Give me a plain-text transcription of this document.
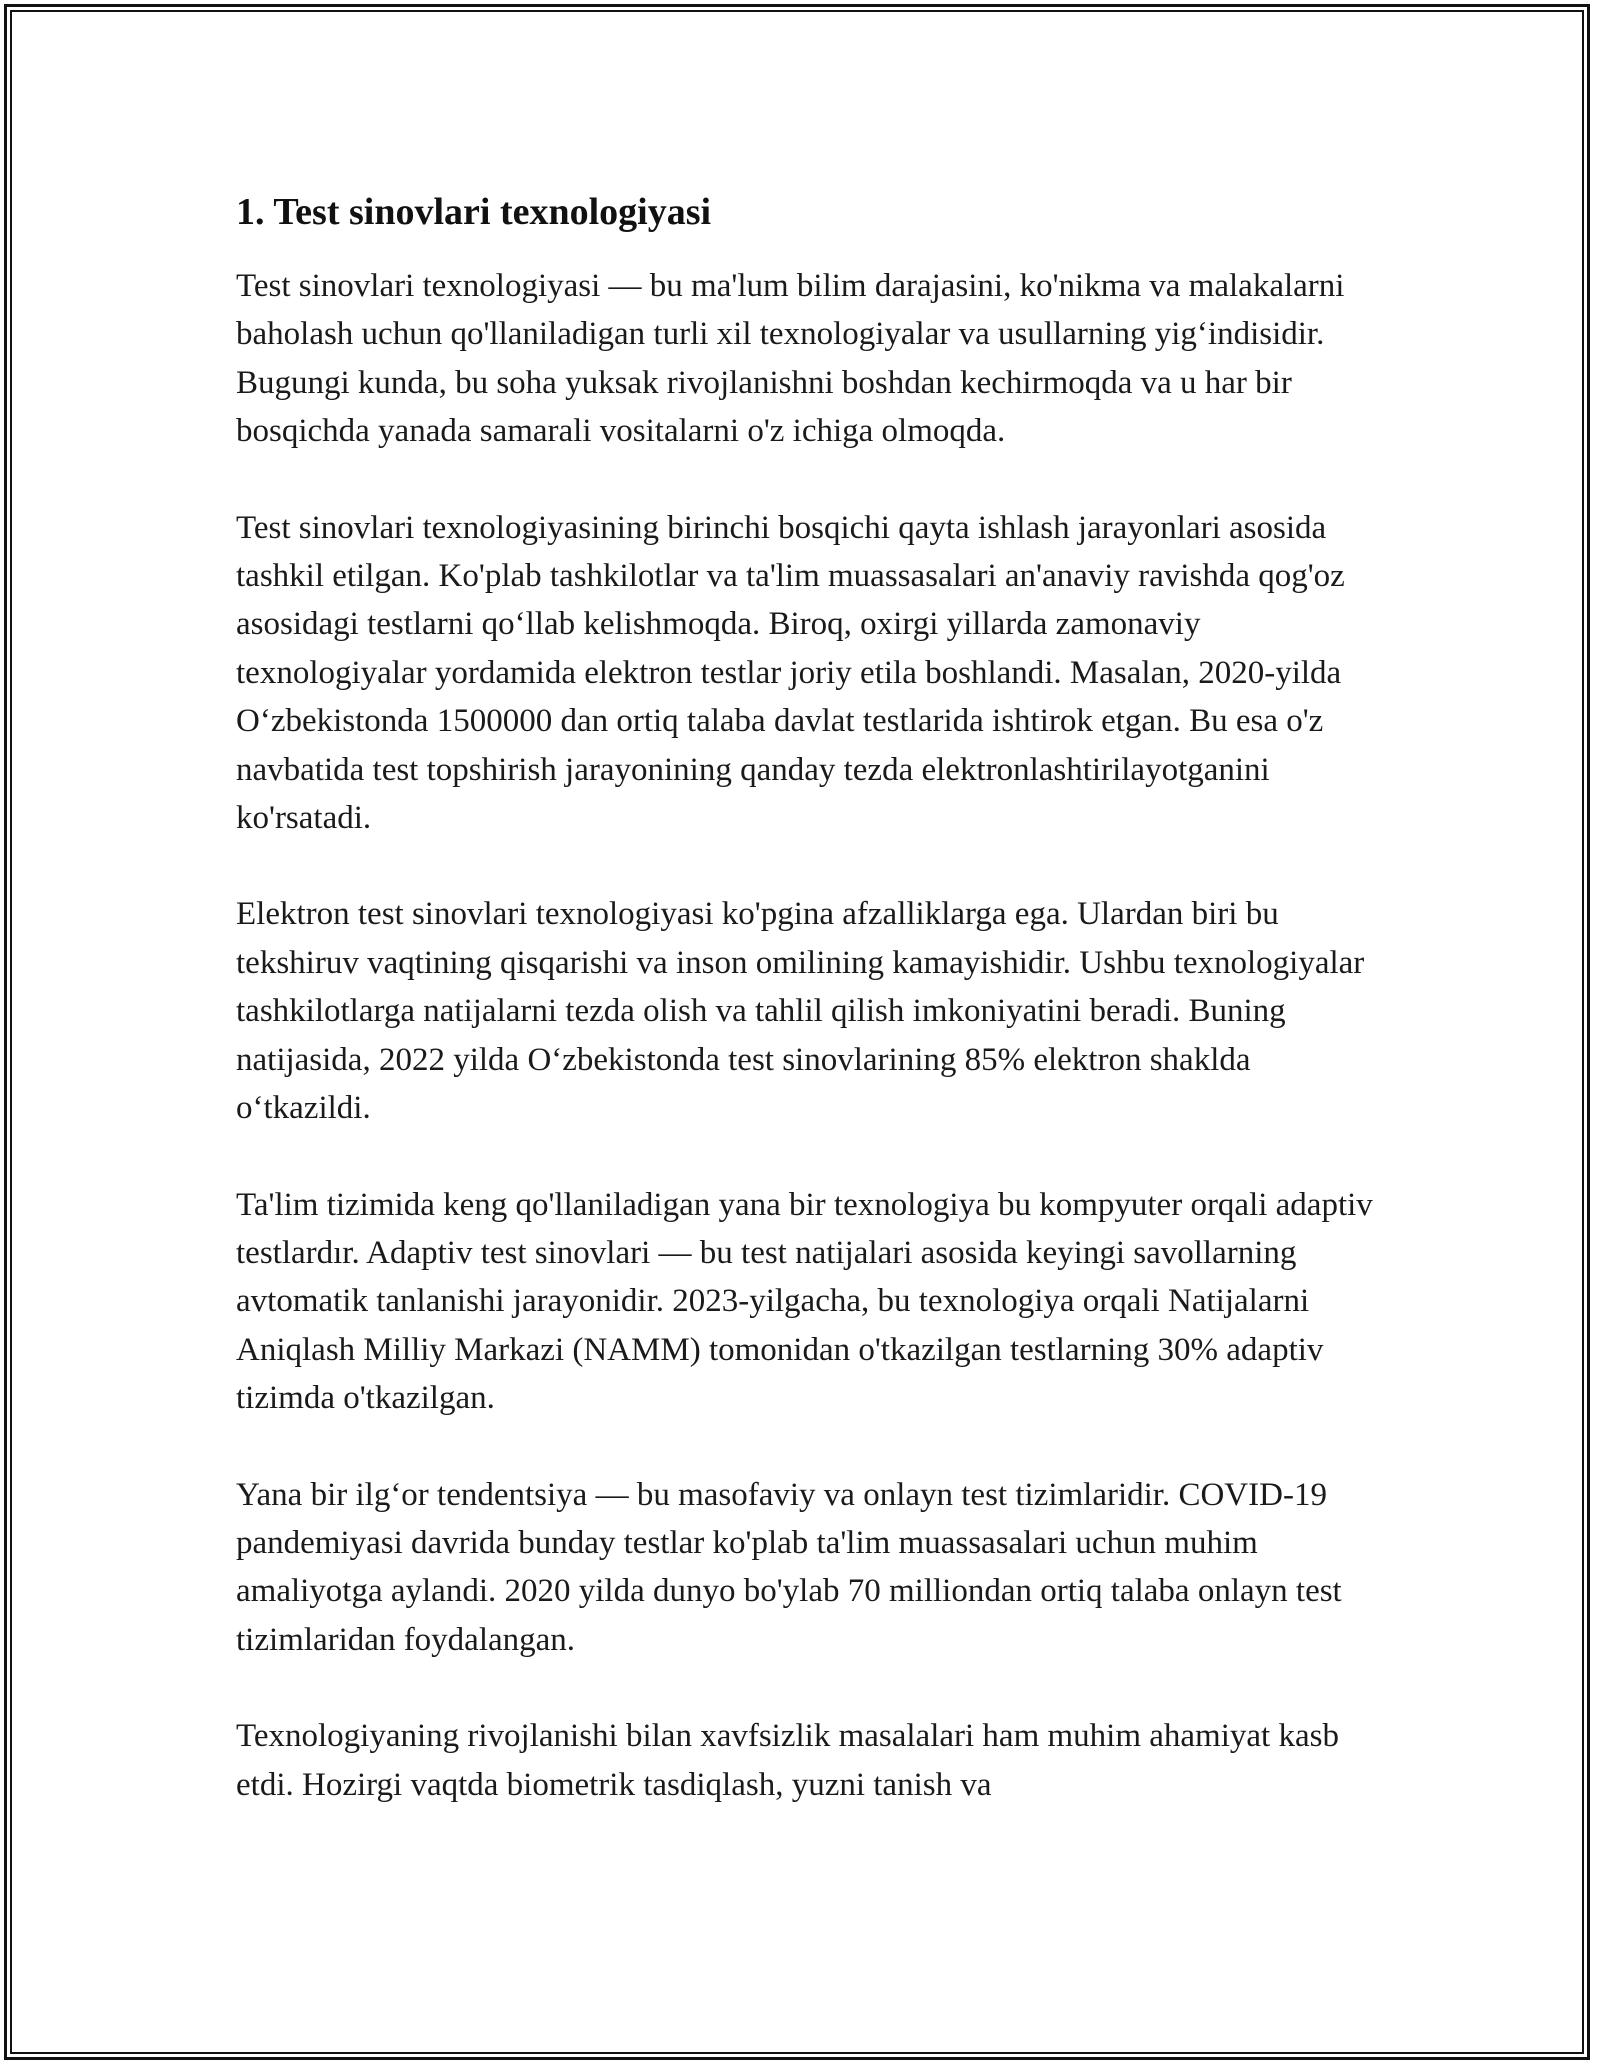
1. Test sinovlari texnologiyasi

Test sinovlari texnologiyasi — bu ma'lum bilim darajasini, ko'nikma va malakalarni baholash uchun qo'llaniladigan turli xil texnologiyalar va usullarning yig‘indisidir. Bugungi kunda, bu soha yuksak rivojlanishni boshdan kechirmoqda va u har bir bosqichda yanada samarali vositalarni o'z ichiga olmoqda.

Test sinovlari texnologiyasining birinchi bosqichi qayta ishlash jarayonlari asosida tashkil etilgan. Ko'plab tashkilotlar va ta'lim muassasalari an'anaviy ravishda qog'oz asosidagi testlarni qo‘llab kelishmoqda. Biroq, oxirgi yillarda zamonaviy texnologiyalar yordamida elektron testlar joriy etila boshlandi. Masalan, 2020-yilda O‘zbekistonda 1500000 dan ortiq talaba davlat testlarida ishtirok etgan. Bu esa o'z navbatida test topshirish jarayonining qanday tezda elektronlashtirilayotganini ko'rsatadi.

Elektron test sinovlari texnologiyasi ko'pgina afzalliklarga ega. Ulardan biri bu tekshiruv vaqtining qisqarishi va inson omilining kamayishidir. Ushbu texnologiyalar tashkilotlarga natijalarni tezda olish va tahlil qilish imkoniyatini beradi. Buning natijasida, 2022 yilda O‘zbekistonda test sinovlarining 85% elektron shaklda o‘tkazildi.

Ta'lim tizimida keng qo'llaniladigan yana bir texnologiya bu kompyuter orqali adaptiv testlardır. Adaptiv test sinovlari — bu test natijalari asosida keyingi savollarning avtomatik tanlanishi jarayonidir. 2023-yilgacha, bu texnologiya orqali Natijalarni Aniqlash Milliy Markazi (NAMM) tomonidan o'tkazilgan testlarning 30% adaptiv tizimda o'tkazilgan.

Yana bir ilg‘or tendentsiya — bu masofaviy va onlayn test tizimlaridir. COVID-19 pandemiyasi davrida bunday testlar ko'plab ta'lim muassasalari uchun muhim amaliyotga aylandi. 2020 yilda dunyo bo'ylab 70 milliondan ortiq talaba onlayn test tizimlaridan foydalangan.

Texnologiyaning rivojlanishi bilan xavfsizlik masalalari ham muhim ahamiyat kasb etdi. Hozirgi vaqtda biometrik tasdiqlash, yuzni tanish va
